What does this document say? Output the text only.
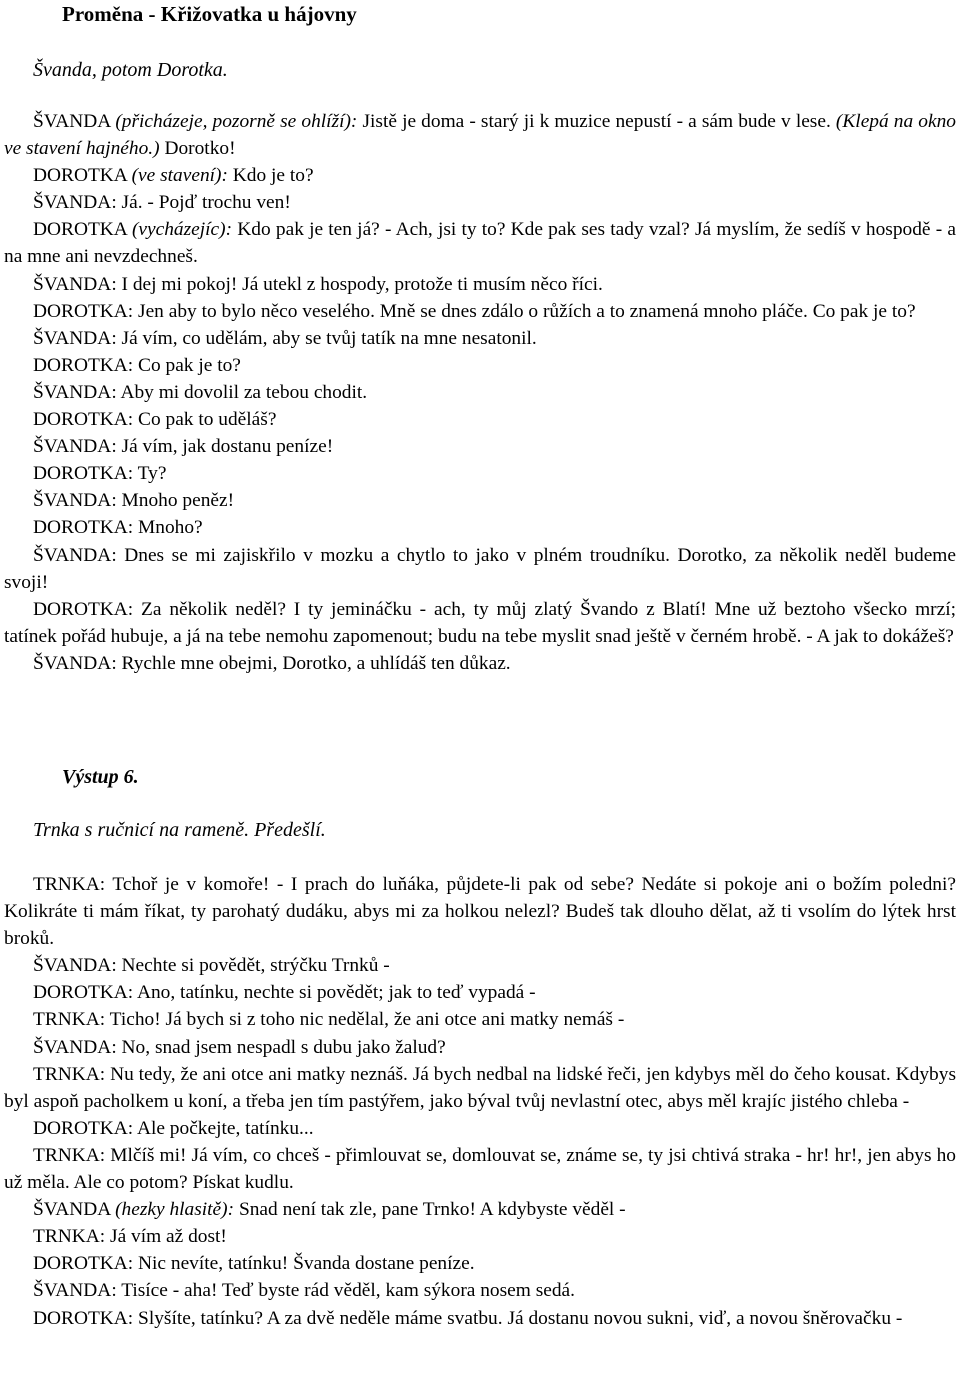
Proměna - Křižovatka u hájovny
Švanda, potom Dorotka.

ŠVANDA (přicházeje, pozorně se ohlíží): Jistě je doma - starý ji k muzice nepustí - a sám bude v lese. (Klepá na okno ve stavení hajného.) Dorotko!

DOROTKA (ve stavení): Kdo je to?

ŠVANDA: Já. - Pojď trochu ven!

DOROTKA (vycházejíc): Kdo pak je ten já? - Ach, jsi ty to? Kde pak ses tady vzal? Já myslím, že sedíš v hospodě - a na mne ani nevzdechneš.

ŠVANDA: I dej mi pokoj! Já utekl z hospody, protože ti musím něco říci.

DOROTKA: Jen aby to bylo něco veselého. Mně se dnes zdálo o růžích a to znamená mnoho pláče. Co pak je to?

ŠVANDA: Já vím, co udělám, aby se tvůj tatík na mne nesatonil.

DOROTKA: Co pak je to?

ŠVANDA: Aby mi dovolil za tebou chodit.

DOROTKA: Co pak to uděláš?

ŠVANDA: Já vím, jak dostanu peníze!

DOROTKA: Ty?

ŠVANDA: Mnoho peněz!

DOROTKA: Mnoho?

ŠVANDA: Dnes se mi zajiskřilo v mozku a chytlo to jako v plném troudníku. Dorotko, za několik neděl budeme svoji!

DOROTKA: Za několik neděl? I ty jemináčku - ach, ty můj zlatý Švando z Blatí! Mne už beztoho všecko mrzí; tatínek pořád hubuje, a já na tebe nemohu zapomenout; budu na tebe myslit snad ještě v černém hrobě. - A jak to dokážeš?

ŠVANDA: Rychle mne obejmi, Dorotko, a uhlídáš ten důkaz.

Výstup 6.
Trnka s ručnicí na rameně. Předešlí.

TRNKA: Tchoř je v komoře! - I prach do luňáka, půjdete-li pak od sebe? Nedáte si pokoje ani o božím poledni? Kolikráte ti mám říkat, ty parohatý dudáku, abys mi za holkou nelezl? Budeš tak dlouho dělat, až ti vsolím do lýtek hrst broků.

ŠVANDA: Nechte si povědět, strýčku Trnků -

DOROTKA: Ano, tatínku, nechte si povědět; jak to teď vypadá -

TRNKA: Ticho! Já bych si z toho nic nedělal, že ani otce ani matky nemáš -

ŠVANDA: No, snad jsem nespadl s dubu jako žalud?

TRNKA: Nu tedy, že ani otce ani matky neznáš. Já bych nedbal na lidské řeči, jen kdybys měl do čeho kousat. Kdybys byl aspoň pacholkem u koní, a třeba jen tím pastýřem, jako býval tvůj nevlastní otec, abys měl krajíc jistého chleba -

DOROTKA: Ale počkejte, tatínku...

TRNKA: Mlčíš mi! Já vím, co chceš - přimlouvat se, domlouvat se, známe se, ty jsi chtivá straka - hr! hr!, jen abys ho už měla. Ale co potom? Pískat kudlu.

ŠVANDA (hezky hlasitě): Snad není tak zle, pane Trnko! A kdybyste věděl -

TRNKA: Já vím až dost!

DOROTKA: Nic nevíte, tatínku! Švanda dostane peníze.

ŠVANDA: Tisíce - aha! Teď byste rád věděl, kam sýkora nosem sedá.

DOROTKA: Slyšíte, tatínku? A za dvě neděle máme svatbu. Já dostanu novou sukni, viď, a novou šněrovačku -
